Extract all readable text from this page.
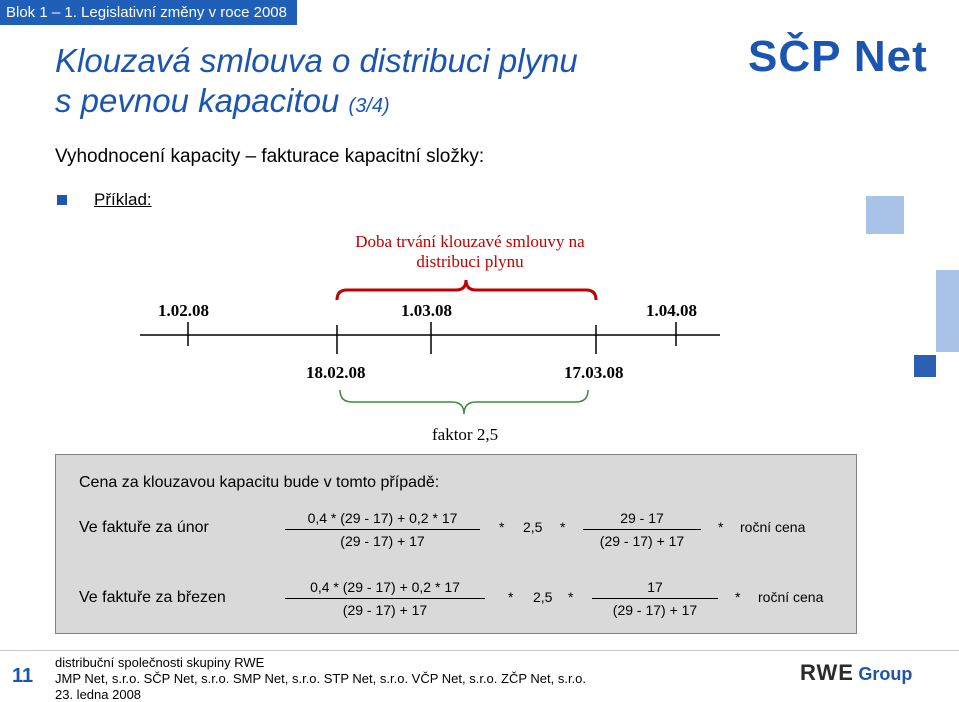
Blok 1 – 1. Legislativní změny v roce 2008
Klouzavá smlouva o distribuci plynu
s pevnou kapacitou (3/4)
SČP Net
Vyhodnocení kapacity – fakturace kapacitní složky:
Příklad:
Doba trvání klouzavé smlouvy na
distribuci plynu
1.02.08	1.03.08	1.04.08
18.02.08	17.03.08
faktor 2,5
Cena za klouzavou kapacitu bude v tomto případě:
Ve faktuře za únor
0,4 * (29 - 17) + 0,2 * 17
(29 - 17) + 17
* 2,5 *
29 - 17
(29 - 17) + 17
* roční cena
Ve faktuře za březen
0,4 * (29 - 17) + 0,2 * 17
(29 - 17) + 17
* 2,5 *
17
(29 - 17) + 17
* roční cena
11
distribuční společnosti skupiny RWE
JMP Net, s.r.o. SČP Net, s.r.o. SMP Net, s.r.o. STP Net, s.r.o. VČP Net, s.r.o. ZČP Net, s.r.o.
23. ledna 2008
RWE Group
